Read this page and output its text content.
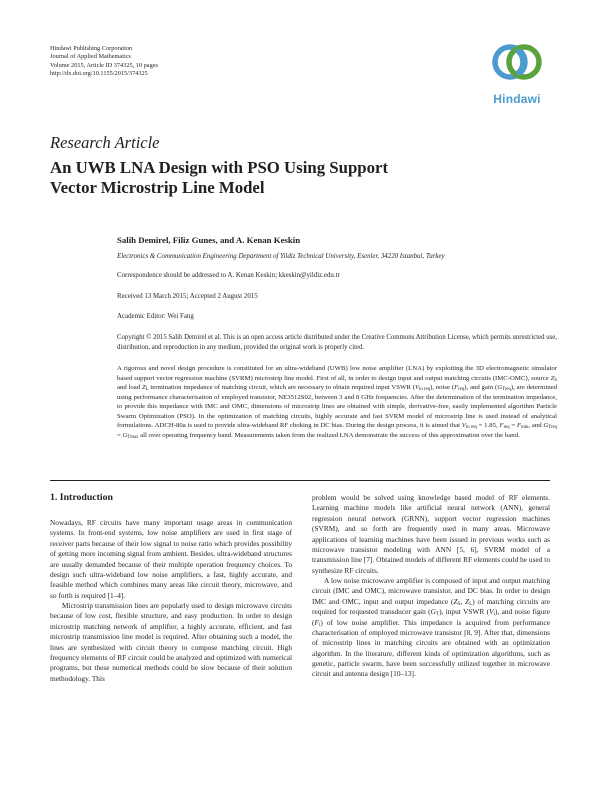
Hindawi Publishing Corporation
Journal of Applied Mathematics
Volume 2015, Article ID 374325, 10 pages
http://dx.doi.org/10.1155/2015/374325
Hindawi
Research Article
An UWB LNA Design with PSO Using Support
Vector Microstrip Line Model
Salih Demirel, Filiz Gunes, and A. Kenan Keskin
Electronics & Communication Engineering Department of Yildiz Technical University, Esenler, 34220 Istanbul, Turkey
Correspondence should be addressed to A. Kenan Keskin; kkeskin@yildiz.edu.tr
Received 13 March 2015; Accepted 2 August 2015
Academic Editor: Wei Fang
Copyright © 2015 Salih Demirel et al. This is an open access article distributed under the Creative Commons Attribution License, which permits unrestricted use, distribution, and reproduction in any medium, provided the original work is properly cited.
A rigorous and novel design procedure is constituted for an ultra-wideband (UWB) low noise amplifier (LNA) by exploiting the 3D electromagnetic simulator based support vector regression machine (SVRM) microstrip line model. First of all, in order to design input and output matching circuits (IMC-OMC), source $Z_S$ and load $Z_L$ termination impedance of matching circuit, which are necessary to obtain required input VSWR $(V_{in req})$, noise $(F_{req})$, and gain $(G_{Treq})$, are determined using performance characterisation of employed transistor, NE3512S02, between 3 and 8 GHz frequencies. After the determination of the termination impedance, to provide this impedance with IMC and OMC, dimensions of microstrip lines are obtained with simple, derivative-free, easily implemented algorithm Particle Swarm Optimization (PSO). In the optimization of matching circuits, highly accurate and fast SVRM model of microstrip line is used instead of analytical formulations. ADCH-80a is used to provide ultra-wideband RF choking in DC bias. During the design process, it is aimed that $V_{in req} = 1.85$, $F_{req} = F_{min}$, and $G_{Treq} = G_{Tmax}$ all over operating frequency band. Measurements taken from the realized LNA demonstrate the success of this approximation over the band.
1. Introduction

Nowadays, RF circuits have many important usage areas in communication systems. In front-end systems, low noise amplifiers are used in first stage of receiver parts because of their low signal to noise ratio which provides possibility of getting more incoming signal from ambient. Besides, ultra-wideband structures are usually demanded because of their multiple operation frequency choices. To design such ultra-wideband low noise amplifiers, a fast, highly accurate, and feasible method which combines many areas like circuit theory, microwave, and so forth is required [1–4].

Microstrip transmission lines are popularly used to design microwave circuits because of low cost, flexible structure, and easy production. In order to design microstrip matching network of amplifier, a highly accurate, efficient, and fast microstrip transmission line model is required. After obtaining such a model, the lines are synthesized with circuit theory to compose matching circuit. High frequency elements of RF circuit could be analyzed and optimized with numerical programs, but these numerical methods could be slow because of their solution methodology. This

problem would be solved using knowledge based model of RF elements. Learning machine models like artificial neural network (ANN), general regression neural network (GRNN), support vector regression machines (SVRM), and so forth are frequently used in many areas. Microwave applications of learning machines have been issued in previous works such as microwave transistor modeling with ANN [5, 6], SVRM model of a transmission line [7]. Obtained models of different RF elements could be used to synthesize RF circuits.

A low noise microwave amplifier is composed of input and output matching circuit (IMC and OMC), microwave transistor, and DC bias. In order to design IMC and OMC, input and output impedance ($Z_S$, $Z_L$) of matching circuits are required for requested transducer gain $(G_T)$, input VSWR $(V_i)$, and noise figure $(F_i)$ of low noise amplifier. This impedance is acquired from performance characterisation of employed microwave transistor [8, 9]. After that, dimensions of microstrip lines in matching circuits are obtained with an optimization algorithm. In the literature, different kinds of optimization algorithms, such as genetic, particle swarm, have been successfully utilized together in microwave circuit and antenna design [10–13].
